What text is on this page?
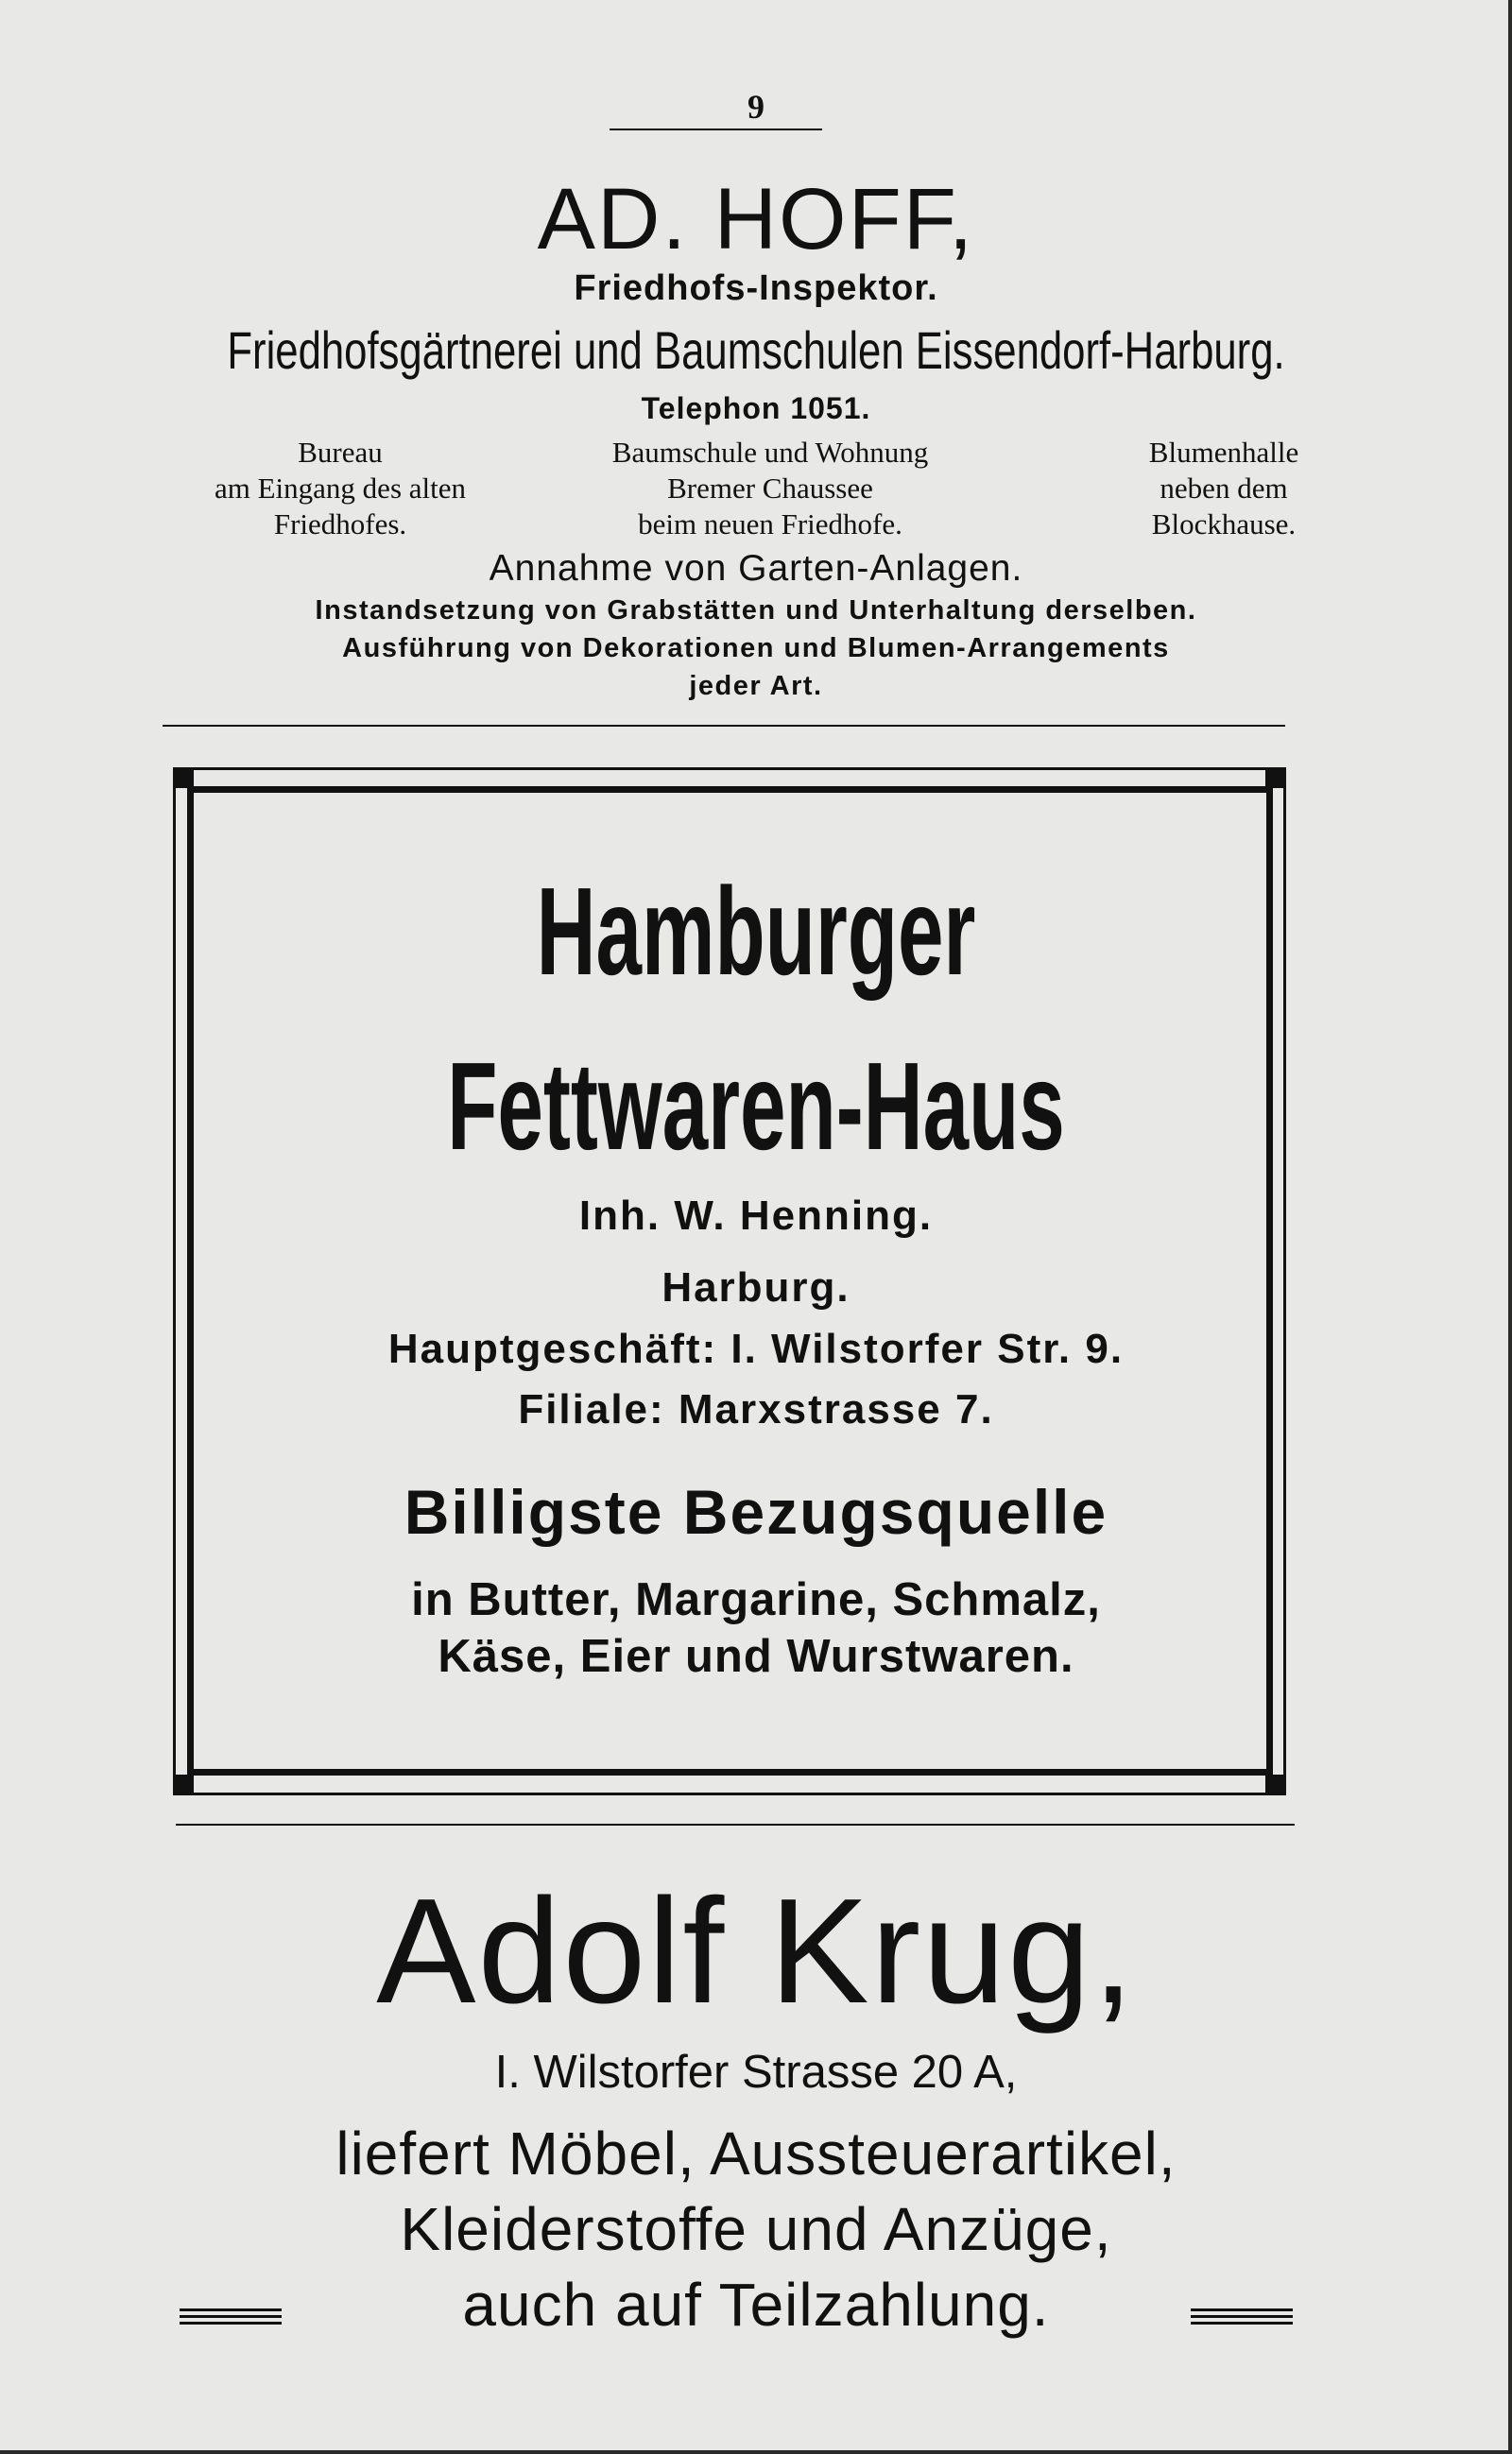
9
AD. HOFF,
Friedhofs-Inspektor.
Friedhofsgärtnerei und Baumschulen Eissendorf-Harburg.
Telephon 1051.
Bureau
am Eingang des alten
Friedhofes.
Baumschule und Wohnung
Bremer Chaussee
beim neuen Friedhofe.
Blumenhalle
neben dem
Blockhause.
Annahme von Garten-Anlagen.
Instandsetzung von Grabstätten und Unterhaltung derselben.
Ausführung von Dekorationen und Blumen-Arrangements
jeder Art.
Hamburger
Fettwaren-Haus
Inh. W. Henning.
Harburg.
Hauptgeschäft: I. Wilstorfer Str. 9.
Filiale: Marxstrasse 7.
Billigste Bezugsquelle
in Butter, Margarine, Schmalz,
Käse, Eier und Wurstwaren.
Adolf Krug,
I. Wilstorfer Strasse 20 A,
liefert Möbel, Aussteuerartikel,
Kleiderstoffe und Anzüge,
auch auf Teilzahlung.
